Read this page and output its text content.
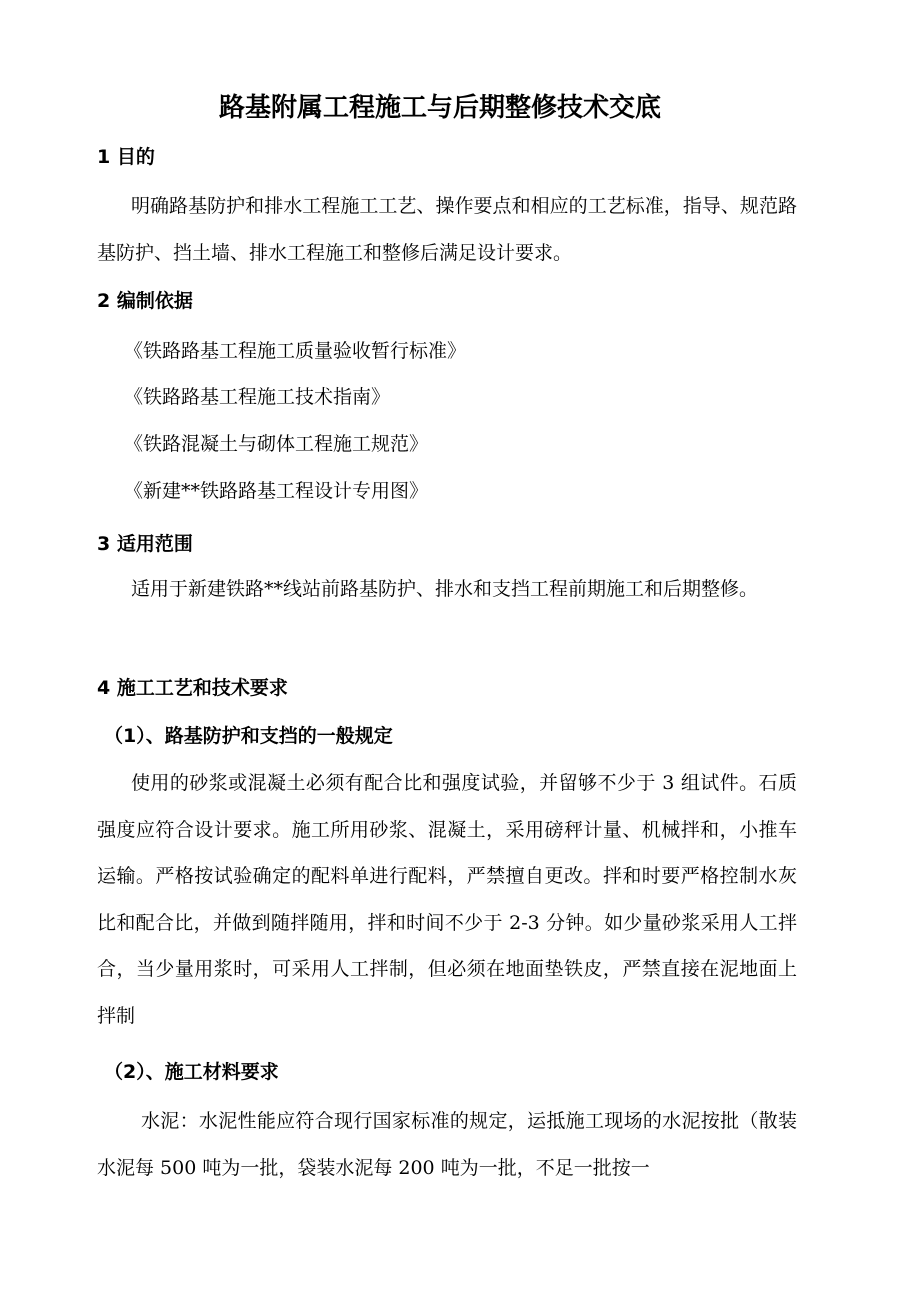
路基附属工程施工与后期整修技术交底
1 目的

明确路基防护和排水工程施工工艺、操作要点和相应的工艺标准，指导、规范路基防护、挡土墙、排水工程施工和整修后满足设计要求。

2 编制依据
《铁路路基工程施工质量验收暂行标准》
《铁路路基工程施工技术指南》
《铁路混凝土与砌体工程施工规范》
《新建**铁路路基工程设计专用图》
3 适用范围

适用于新建铁路**线站前路基防护、排水和支挡工程前期施工和后期整修。

4 施工工艺和技术要求
（1）、路基防护和支挡的一般规定

使用的砂浆或混凝土必须有配合比和强度试验，并留够不少于 3 组试件。石质强度应符合设计要求。施工所用砂浆、混凝土，采用磅秤计量、机械拌和，小推车运输。严格按试验确定的配料单进行配料，严禁擅自更改。拌和时要严格控制水灰比和配合比，并做到随拌随用，拌和时间不少于 2-3 分钟。如少量砂浆采用人工拌合，当少量用浆时，可采用人工拌制，但必须在地面垫铁皮，严禁直接在泥地面上拌制

（2）、施工材料要求

水泥：水泥性能应符合现行国家标准的规定，运抵施工现场的水泥按批（散装水泥每 500 吨为一批，袋装水泥每 200 吨为一批，不足一批按一
